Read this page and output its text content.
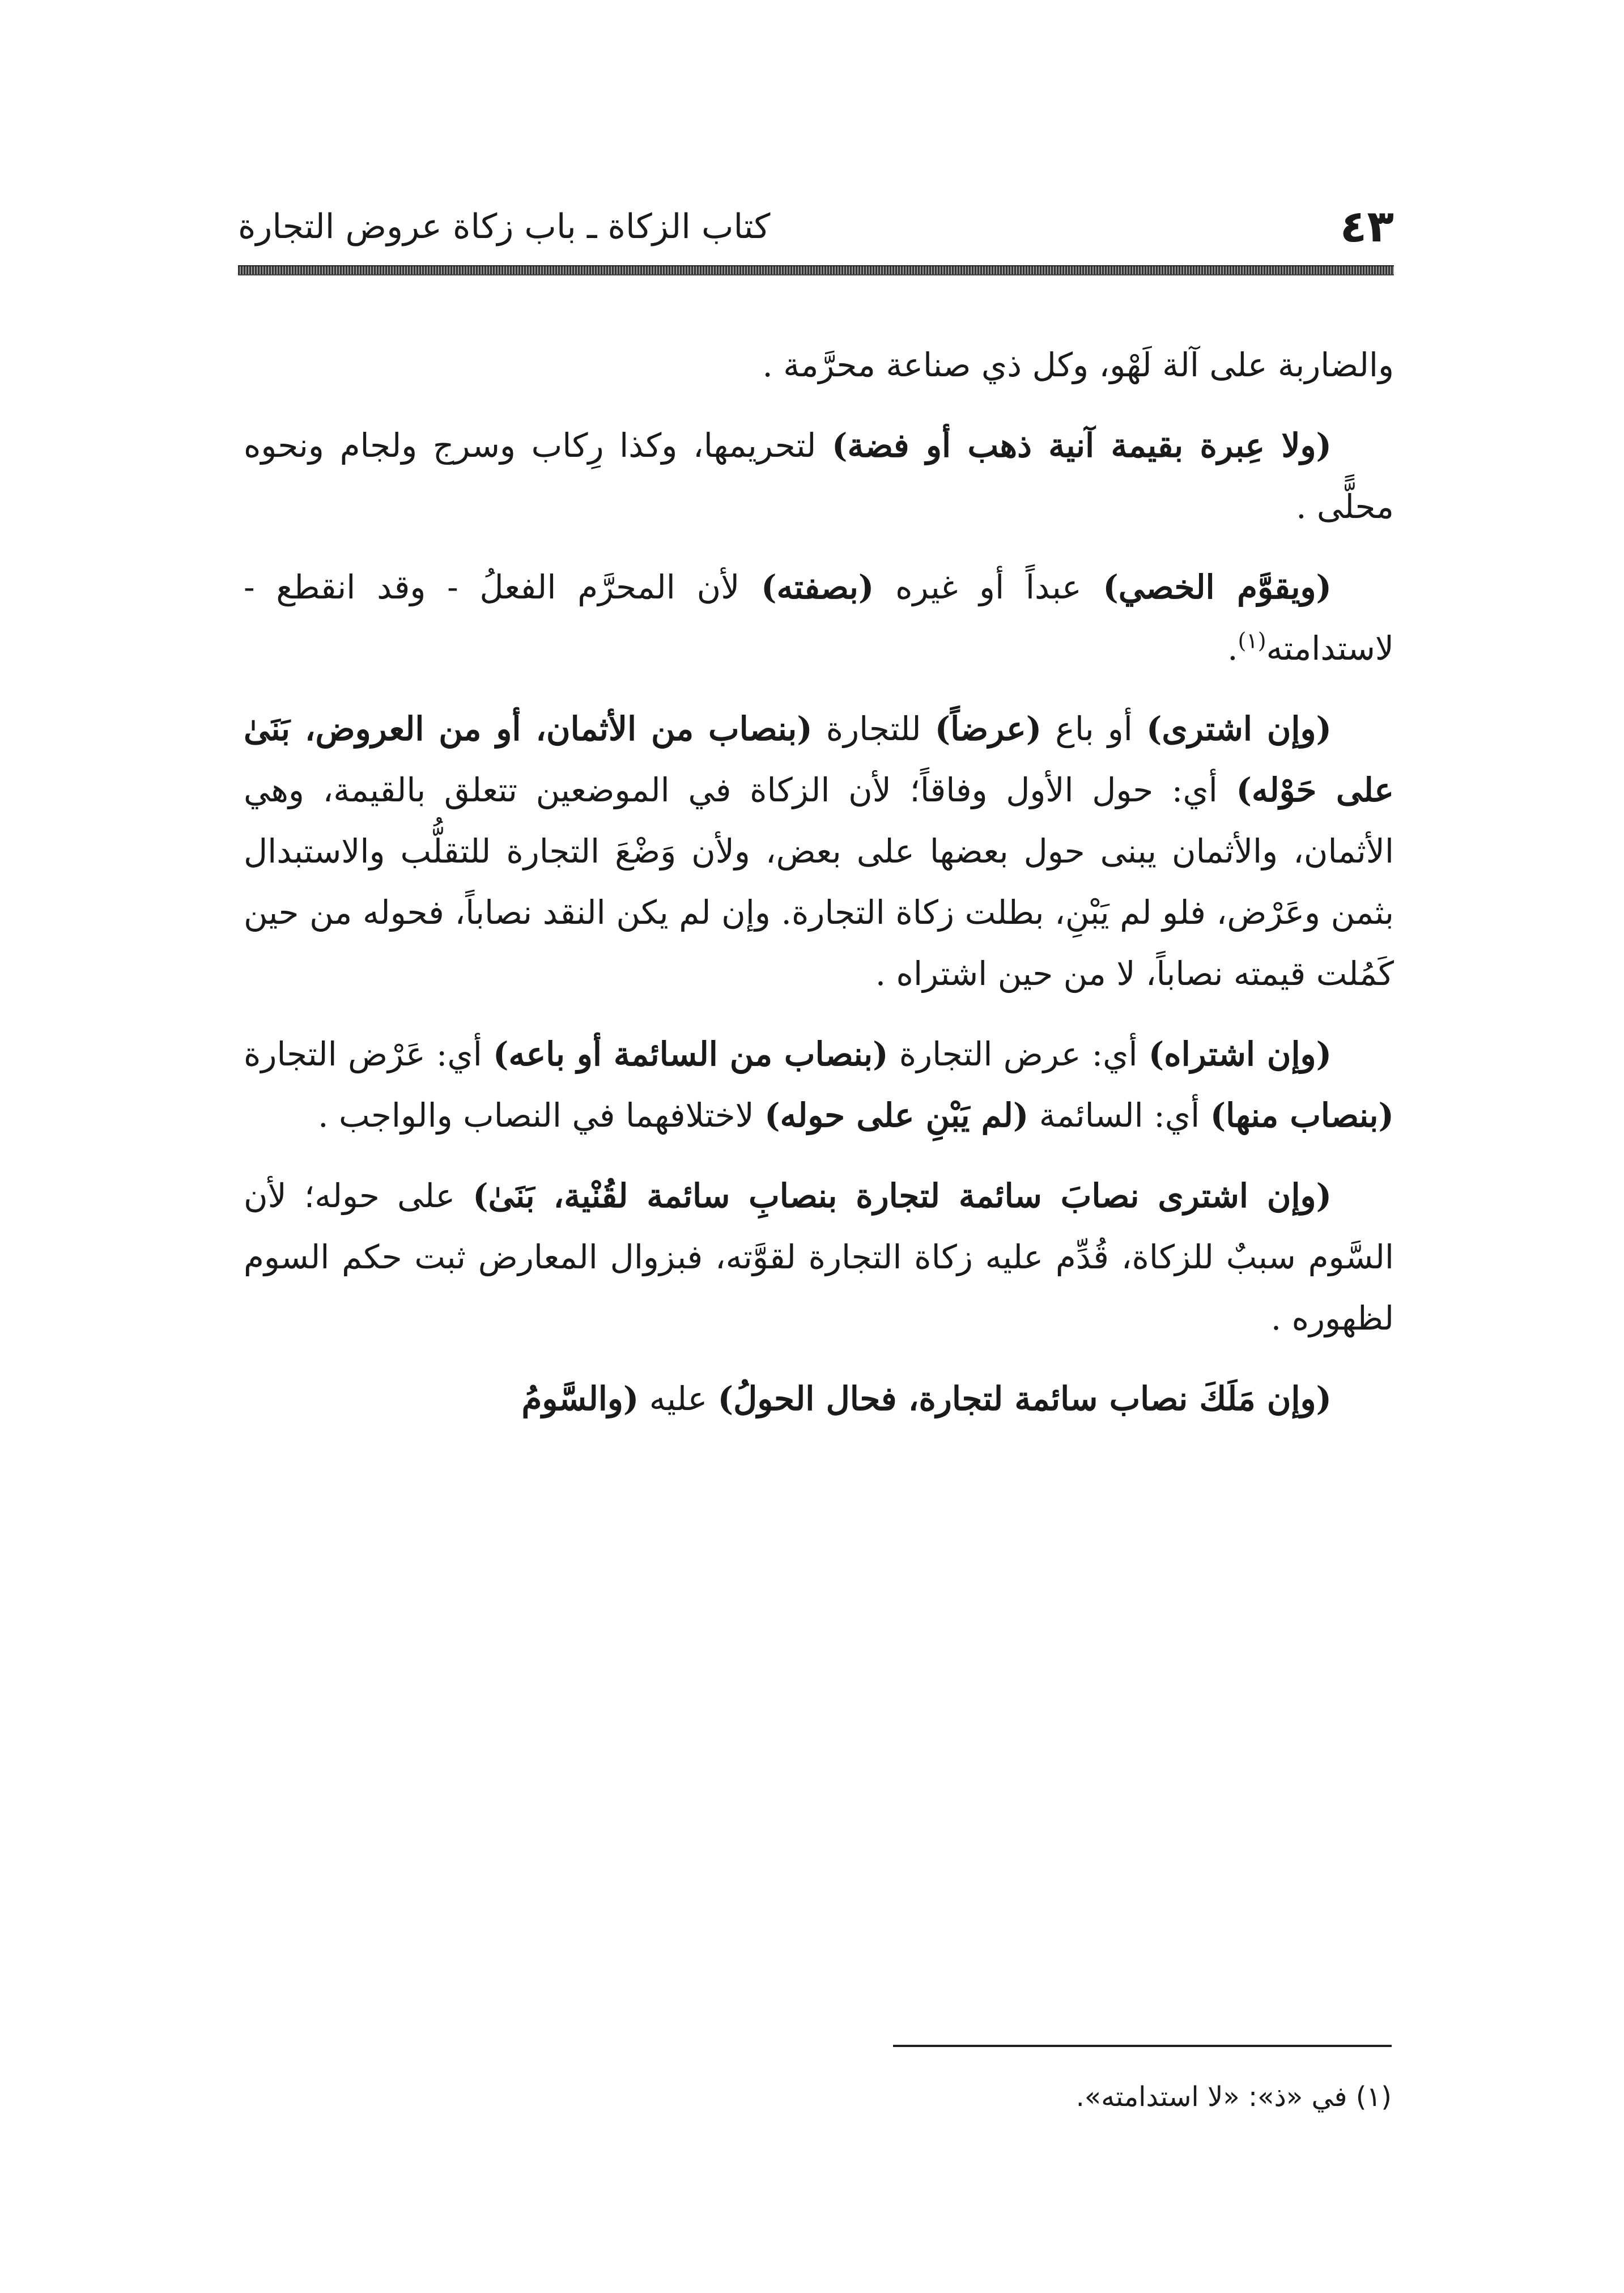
٤٣
كتاب الزكاة ـ باب زكاة عروض التجارة

والضاربة على آلة لَهْو، وكل ذي صناعة محرَّمة .

(ولا عِبرة بقيمة آنية ذهب أو فضة) لتحريمها، وكذا رِكاب وسرج ولجام ونحوه محلًّى .

(ويقوَّم الخصي) عبداً أو غيره (بصفته) لأن المحرَّم الفعلُ - وقد انقطع - لاستدامته$^{(١)}$.

(وإن اشترى) أو باع (عرضاً) للتجارة (بنصاب من الأثمان، أو من العروض، بَنَىٰ على حَوْله) أي: حول الأول وفاقاً؛ لأن الزكاة في الموضعين تتعلق بالقيمة، وهي الأثمان، والأثمان يبنى حول بعضها على بعض، ولأن وَضْعَ التجارة للتقلُّب والاستبدال بثمن وعَرْض، فلو لم يَبْنِ، بطلت زكاة التجارة. وإن لم يكن النقد نصاباً، فحوله من حين كَمُلت قيمته نصاباً، لا من حين اشتراه .

(وإن اشتراه) أي: عرض التجارة (بنصاب من السائمة أو باعه) أي: عَرْض التجارة (بنصاب منها) أي: السائمة (لم يَبْنِ على حوله) لاختلافهما في النصاب والواجب .

(وإن اشترى نصابَ سائمة لتجارة بنصابِ سائمة لقُنْية، بَنَىٰ) على حوله؛ لأن السَّوم سببٌ للزكاة، قُدِّم عليه زكاة التجارة لقوَّته، فبزوال المعارض ثبت حكم السوم لظهوره .

(وإن مَلَكَ نصاب سائمة لتجارة، فحال الحولُ) عليه (والسَّومُ

(١) في «ذ»: «لا استدامته».
